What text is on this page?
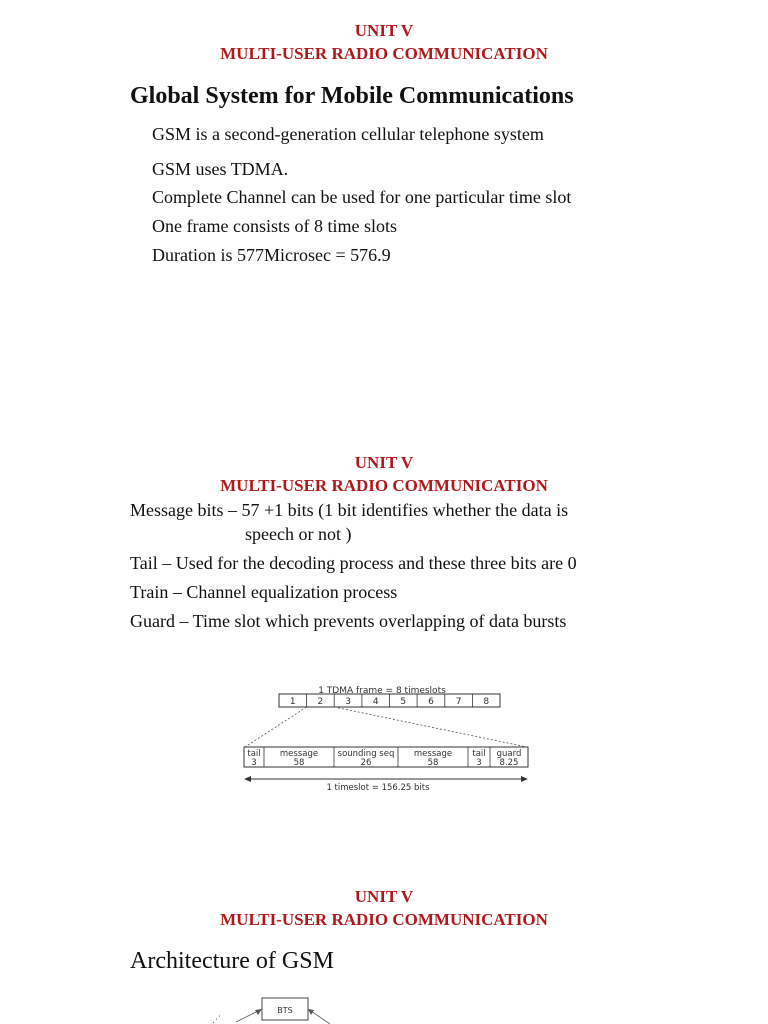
UNIT V
MULTI-USER RADIO COMMUNICATION
Global System for Mobile Communications
GSM is a second-generation cellular telephone system
GSM uses TDMA.
Complete Channel can be used for one particular time slot
One frame consists of 8 time slots
Duration is 577Microsec = 576.9
UNIT V
MULTI-USER RADIO COMMUNICATION
Message bits – 57 +1 bits (1 bit identifies whether the data is
speech or not )
Tail – Used for the decoding process and these three bits are 0
Train – Channel equalization process
Guard – Time slot which prevents overlapping of data bursts
1 TDMA frame = 8 timeslots
1 2 3 4 5 6 7 8
tail
3
message
58
sounding seq
26
message
58
tail
3
guard
8.25
1 timeslot = 156.25 bits
BTS
⋰
UNIT V
MULTI-USER RADIO COMMUNICATION
Architecture of GSM
